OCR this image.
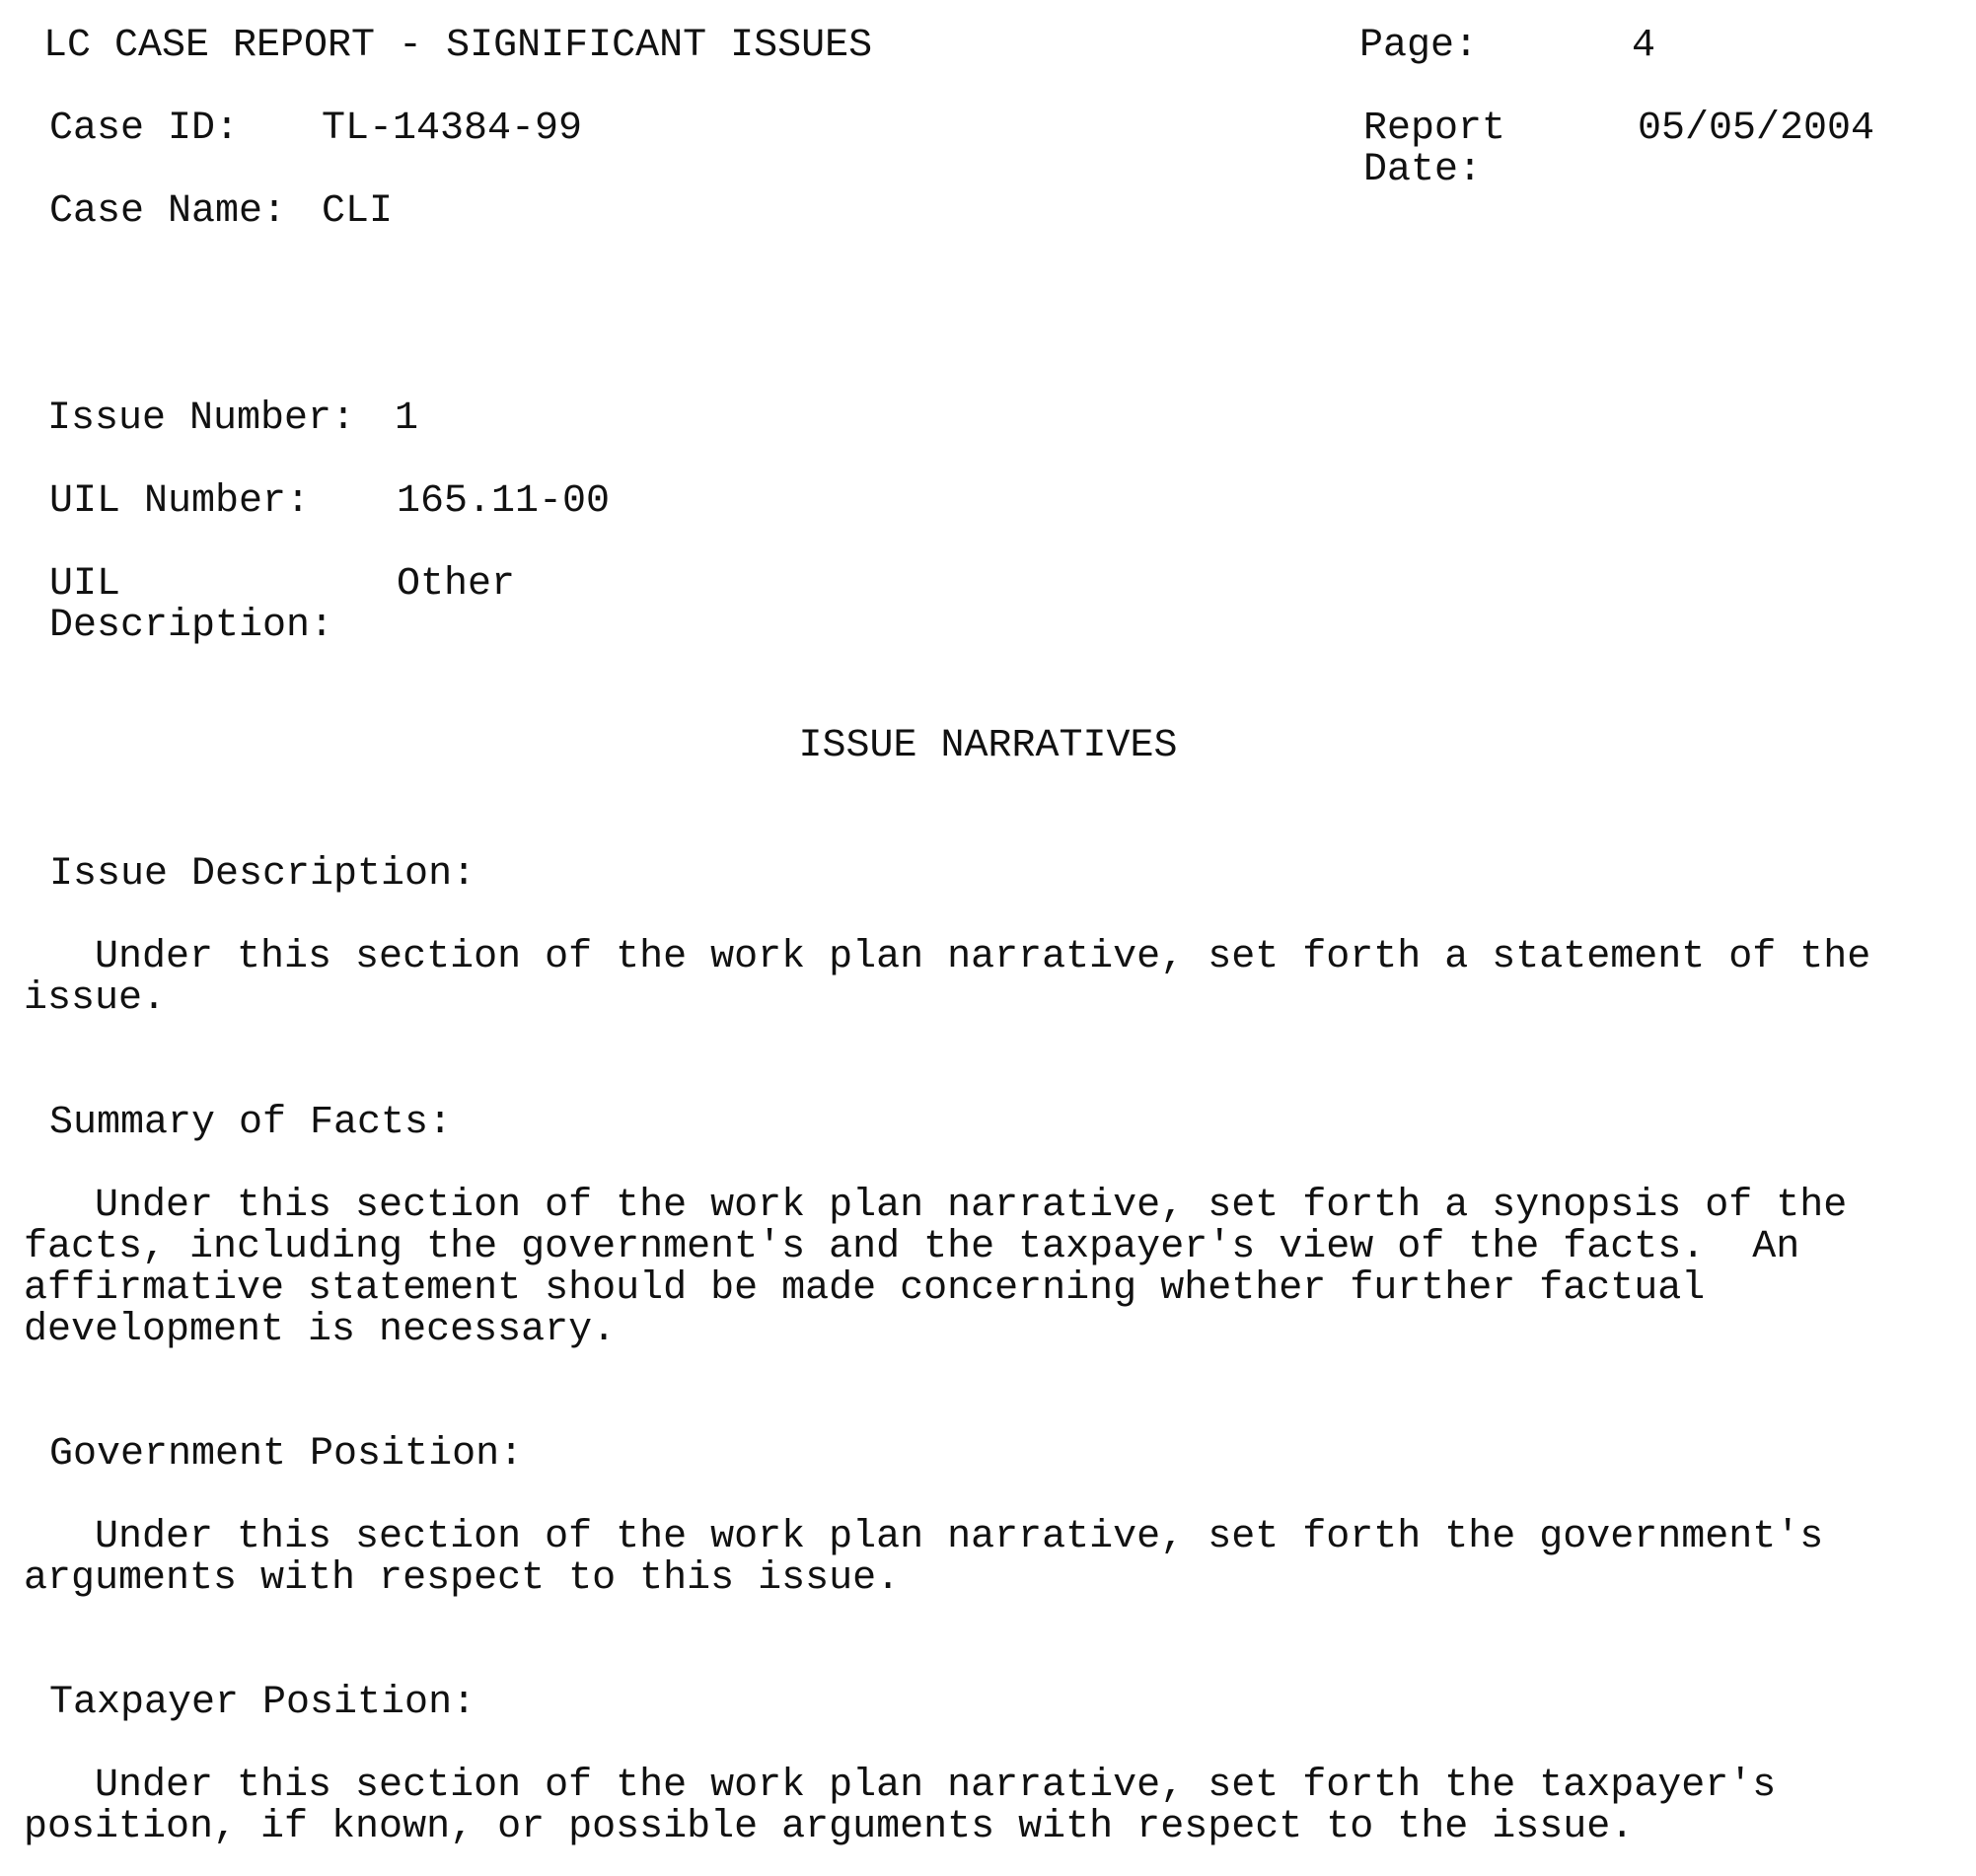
LC CASE REPORT - SIGNIFICANT ISSUES	Page:	4
Case ID: TL-14384-99	Report
Date:
05/05/2004
Case Name: CLI
Issue Number: 1
UIL Number: 165.11-00
UIL
Description:
Other
ISSUE NARRATIVES
Issue Description:
Under this section of the work plan narrative, set forth a statement of the
issue.
Summary of Facts:
Under this section of the work plan narrative, set forth a synopsis of the
facts, including the government's and the taxpayer's view of the facts.  An
affirmative statement should be made concerning whether further factual
development is necessary.
Government Position:
Under this section of the work plan narrative, set forth the government's
arguments with respect to this issue.
Taxpayer Position:
Under this section of the work plan narrative, set forth the taxpayer's
position, if known, or possible arguments with respect to the issue.
